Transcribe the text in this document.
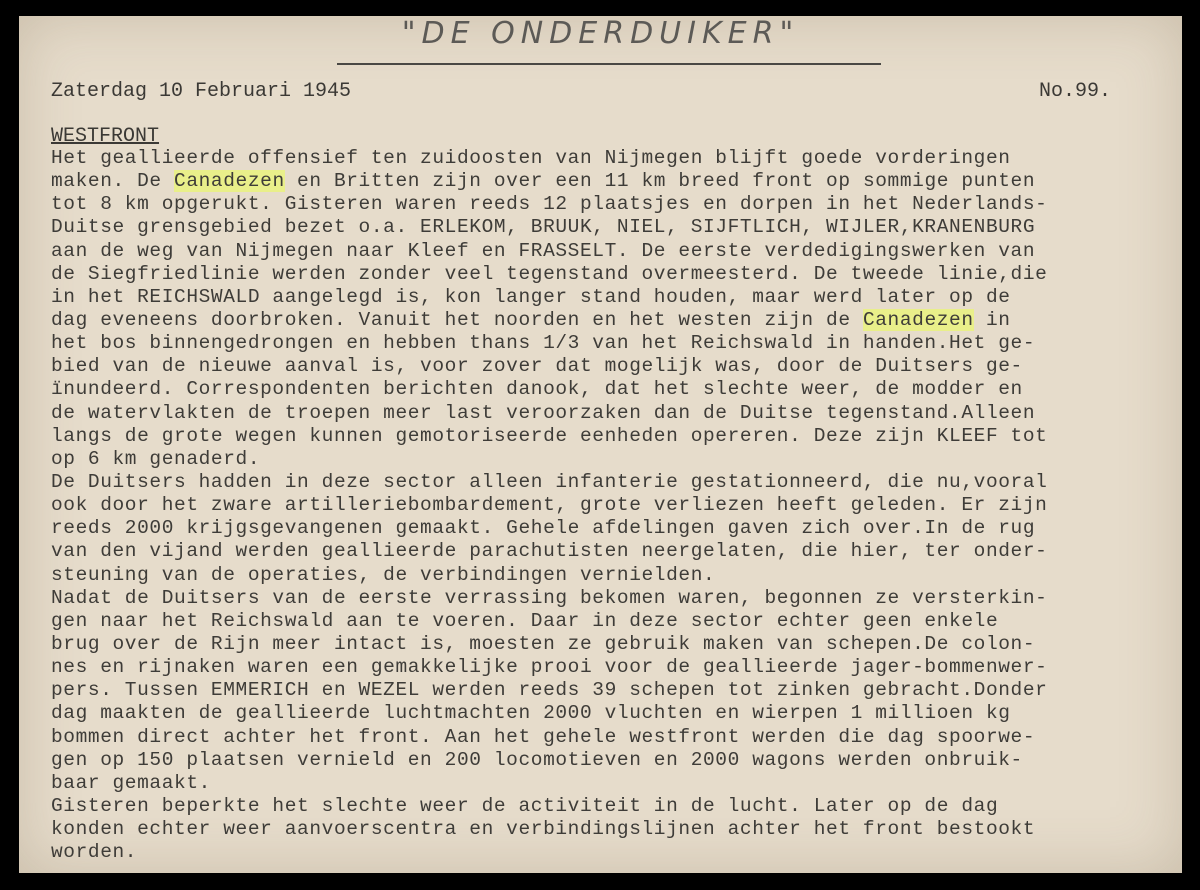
"DE ONDERDUIKER"
Zaterdag 10 Februari 1945	No.99.
WESTFRONT
Het geallieerde offensief ten zuidoosten van Nijmegen blijft goede vorderingen
maken. De Canadezen en Britten zijn over een 11 km breed front op sommige punten
tot 8 km opgerukt. Gisteren waren reeds 12 plaatsjes en dorpen in het Nederlands-
Duitse grensgebied bezet o.a. ERLEKOM, BRUUK, NIEL, SIJFTLICH, WIJLER,KRANENBURG
aan de weg van Nijmegen naar Kleef en FRASSELT. De eerste verdedigingswerken van
de Siegfriedlinie werden zonder veel tegenstand overmeesterd. De tweede linie,die
in het REICHSWALD aangelegd is, kon langer stand houden, maar werd later op de
dag eveneens doorbroken. Vanuit het noorden en het westen zijn de Canadezen in
het bos binnengedrongen en hebben thans 1/3 van het Reichswald in handen.Het ge-
bied van de nieuwe aanval is, voor zover dat mogelijk was, door de Duitsers ge-
ïnundeerd. Correspondenten berichten danook, dat het slechte weer, de modder en
de watervlakten de troepen meer last veroorzaken dan de Duitse tegenstand.Alleen
langs de grote wegen kunnen gemotoriseerde eenheden opereren. Deze zijn KLEEF tot
op 6 km genaderd.
De Duitsers hadden in deze sector alleen infanterie gestationneerd, die nu,vooral
ook door het zware artilleriebombardement, grote verliezen heeft geleden. Er zijn
reeds 2000 krijgsgevangenen gemaakt. Gehele afdelingen gaven zich over.In de rug
van den vijand werden geallieerde parachutisten neergelaten, die hier, ter onder-
steuning van de operaties, de verbindingen vernielden.
Nadat de Duitsers van de eerste verrassing bekomen waren, begonnen ze versterkin-
gen naar het Reichswald aan te voeren. Daar in deze sector echter geen enkele
brug over de Rijn meer intact is, moesten ze gebruik maken van schepen.De colon-
nes en rijnaken waren een gemakkelijke prooi voor de geallieerde jager-bommenwer-
pers. Tussen EMMERICH en WEZEL werden reeds 39 schepen tot zinken gebracht.Donder
dag maakten de geallieerde luchtmachten 2000 vluchten en wierpen 1 millioen kg
bommen direct achter het front. Aan het gehele westfront werden die dag spoorwe-
gen op 150 plaatsen vernield en 200 locomotieven en 2000 wagons werden onbruik-
baar gemaakt.
Gisteren beperkte het slechte weer de activiteit in de lucht. Later op de dag
konden echter weer aanvoerscentra en verbindingslijnen achter het front bestookt
worden.
